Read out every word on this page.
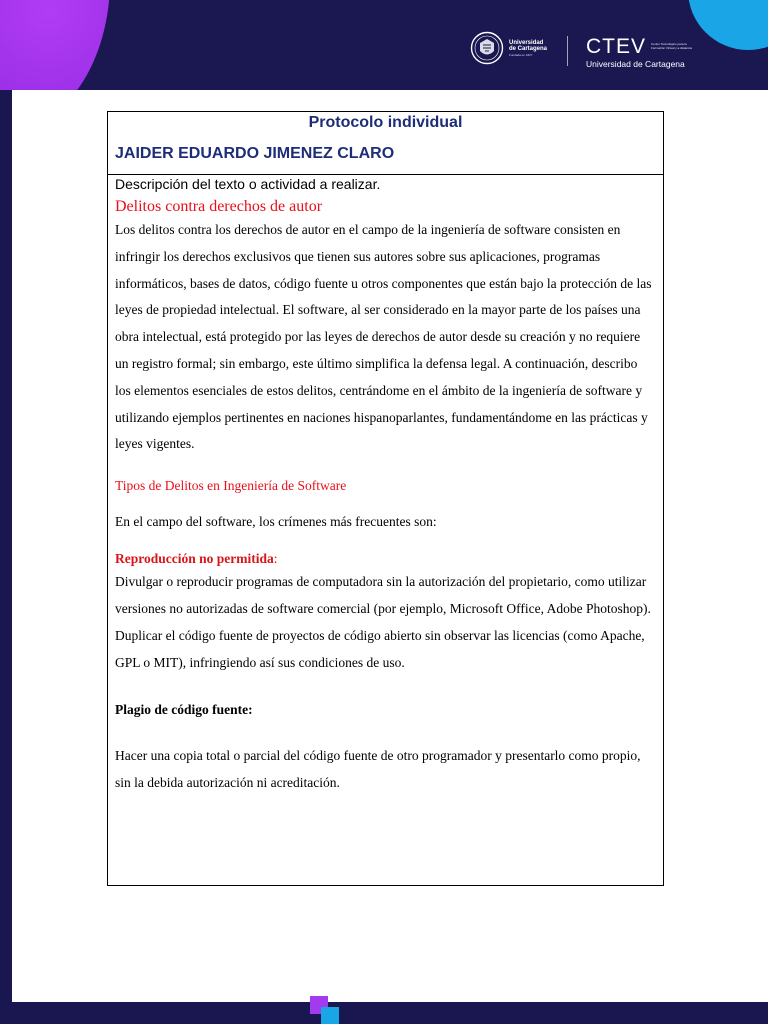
Universidad
de Cartagena
Fundada en 1827	CTEV Centro Tecnológico para la Formación Virtual y a distancia
Universidad de Cartagena
Protocolo individual
JAIDER EDUARDO JIMENEZ CLARO
Descripción del texto o actividad a realizar.
Delitos contra derechos de autor
Los delitos contra los derechos de autor en el campo de la ingeniería de software consisten en infringir los derechos exclusivos que tienen sus autores sobre sus aplicaciones, programas informáticos, bases de datos, código fuente u otros componentes que están bajo la protección de las leyes de propiedad intelectual. El software, al ser considerado en la mayor parte de los países una obra intelectual, está protegido por las leyes de derechos de autor desde su creación y no requiere un registro formal; sin embargo, este último simplifica la defensa legal. A continuación, describo los elementos esenciales de estos delitos, centrándome en el ámbito de la ingeniería de software y utilizando ejemplos pertinentes en naciones hispanoparlantes, fundamentándome en las prácticas y leyes vigentes.
Tipos de Delitos en Ingeniería de Software
En el campo del software, los crímenes más frecuentes son:
Reproducción no permitida:
Divulgar o reproducir programas de computadora sin la autorización del propietario, como utilizar versiones no autorizadas de software comercial (por ejemplo, Microsoft Office, Adobe Photoshop).
Duplicar el código fuente de proyectos de código abierto sin observar las licencias (como Apache, GPL o MIT), infringiendo así sus condiciones de uso.
Plagio de código fuente:
Hacer una copia total o parcial del código fuente de otro programador y presentarlo como propio, sin la debida autorización ni acreditación.
